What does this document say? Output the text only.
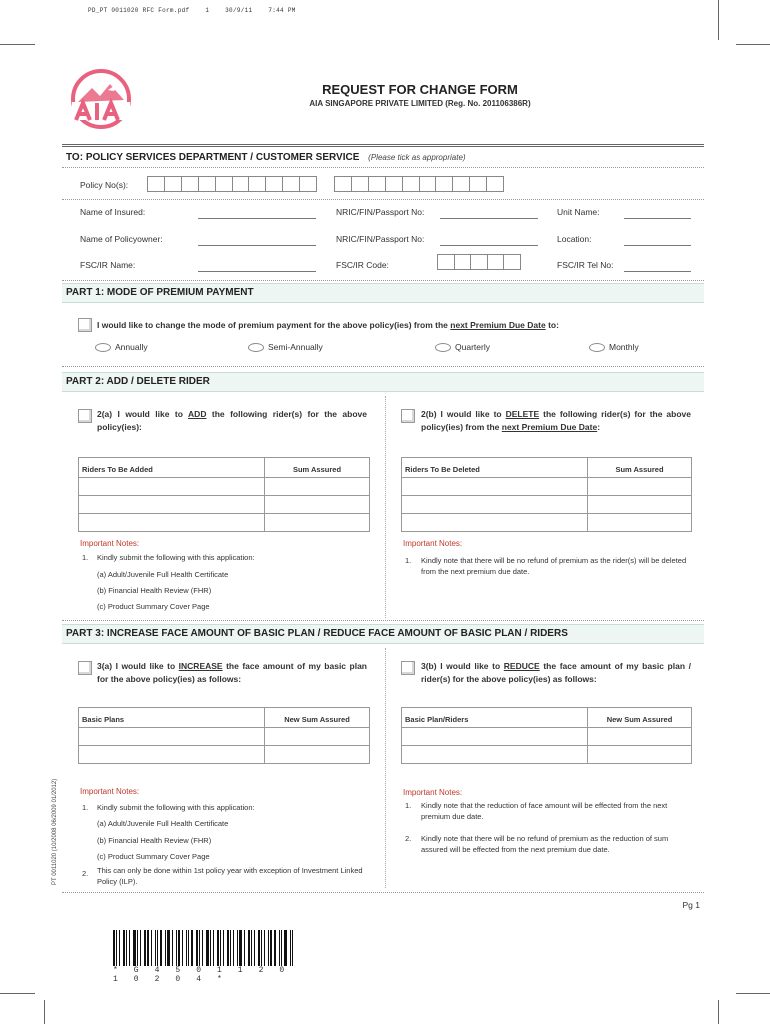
PD_PT 0011020 RFC Form.pdf	1	30/9/11	7:44 PM
REQUEST FOR CHANGE FORM
AIA SINGAPORE PRIVATE LIMITED (Reg. No. 201106386R)
TO: POLICY SERVICES DEPARTMENT / CUSTOMER SERVICE (Please tick as appropriate)
Policy No(s):
Name of Insured:	NRIC/FIN/Passport No:	Unit Name:
Name of Policyowner:	NRIC/FIN/Passport No:	Location:
FSC/IR Name:	FSC/IR Code:	FSC/IR Tel No:
PART 1: MODE OF PREMIUM PAYMENT
I would like to change the mode of premium payment for the above policy(ies) from the next Premium Due Date to:
Annually	Semi-Annually	Quarterly	Monthly
PART 2: ADD / DELETE RIDER
2(a) I would like to ADD the following rider(s) for the above policy(ies):
2(b) I would like to DELETE the following rider(s) for the above policy(ies) from the next Premium Due Date:
Riders To Be Added	Sum Assured

		Riders To Be Deleted	Sum Assured

Important Notes:
1. Kindly submit the following with this application:
(a) Adult/Juvenile Full Health Certificate
(b) Financial Health Review (FHR)
(c) Product Summary Cover Page
Important Notes:
1. Kindly note that there will be no refund of premium as the rider(s) will be deleted from the next premium due date.
PART 3: INCREASE FACE AMOUNT OF BASIC PLAN / REDUCE FACE AMOUNT OF BASIC PLAN / RIDERS
3(a) I would like to INCREASE the face amount of my basic plan for the above policy(ies) as follows:
3(b) I would like to REDUCE the face amount of my basic plan / rider(s) for the above policy(ies) as follows:
Basic Plans	New Sum Assured

		Basic Plan/Riders	New Sum Assured

Important Notes:
1. Kindly submit the following with this application:
(a) Adult/Juvenile Full Health Certificate
(b) Financial Health Review (FHR)
(c) Product Summary Cover Page
2. This can only be done within 1st policy year with exception of Investment Linked Policy (ILP).
Important Notes:
1. Kindly note that the reduction of face amount will be effected from the next premium due date.
2. Kindly note that there will be no refund of premium as the reduction of sum assured will be effected from the next premium due date.
PT 0011020 (10/2008 06/2009 01/2012)
Pg 1
* G 4 5 0 1 1 2 0 1 0 2 0 4 *
